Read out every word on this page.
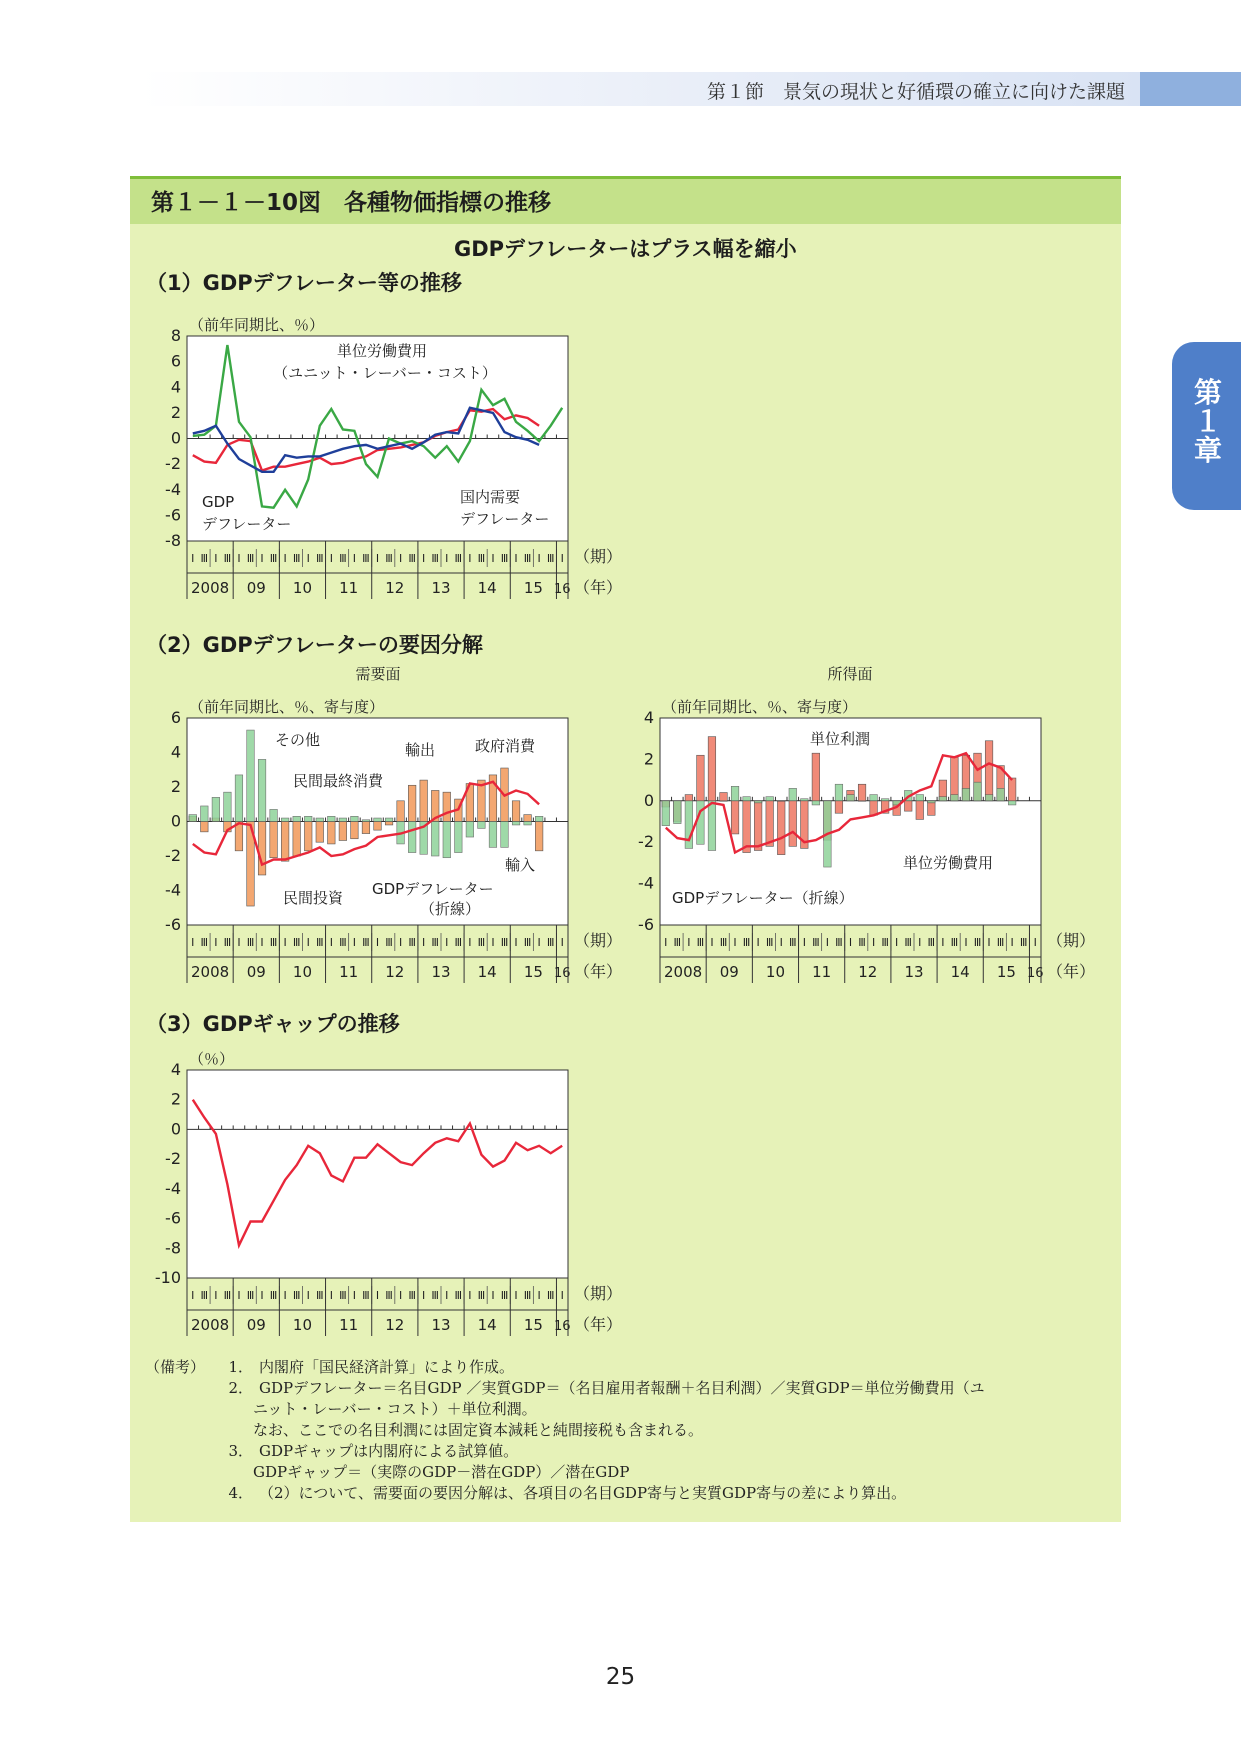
第１節　景気の現状と好循環の確立に向けた課題
第１章
第１－１－10図　各種物価指標の推移
GDPデフレーターはプラス幅を縮小
（1）GDPデフレーター等の推移
（2）GDPデフレーターの要因分解
（3）GDPギャップの推移
8
6
4
2
0
-2
-4
-6
-8
（前年同期比、％）
Ⅰ Ⅲ Ⅰ Ⅲ Ⅰ Ⅲ Ⅰ Ⅲ Ⅰ Ⅲ Ⅰ Ⅲ Ⅰ Ⅲ Ⅰ Ⅲ Ⅰ Ⅲ Ⅰ Ⅲ Ⅰ Ⅲ Ⅰ Ⅲ Ⅰ Ⅲ Ⅰ Ⅲ Ⅰ Ⅲ Ⅰ Ⅲ Ⅰ
2008 09 10 11 12 13 14 15 16
（期）
（年）
単位労働費用
（ユニット・レーバー・コスト）
GDP
デフレーター
国内需要
デフレーター
需要面
6
4
2
0
-2
-4
-6
（前年同期比、％、寄与度）
Ⅰ Ⅲ Ⅰ Ⅲ Ⅰ Ⅲ Ⅰ Ⅲ Ⅰ Ⅲ Ⅰ Ⅲ Ⅰ Ⅲ Ⅰ Ⅲ Ⅰ Ⅲ Ⅰ Ⅲ Ⅰ Ⅲ Ⅰ Ⅲ Ⅰ Ⅲ Ⅰ Ⅲ Ⅰ Ⅲ Ⅰ Ⅲ Ⅰ
2008 09 10 11 12 13 14 15 16
（期）
（年）
その他
輸出	政府消費
民間最終消費
輸入
民間投資 GDPデフレーター
（折線）
所得面
4
2
0
-2
-4
-6
（前年同期比、％、寄与度）
Ⅰ Ⅲ Ⅰ Ⅲ Ⅰ Ⅲ Ⅰ Ⅲ Ⅰ Ⅲ Ⅰ Ⅲ Ⅰ Ⅲ Ⅰ Ⅲ Ⅰ Ⅲ Ⅰ Ⅲ Ⅰ Ⅲ Ⅰ Ⅲ Ⅰ Ⅲ Ⅰ Ⅲ Ⅰ Ⅲ Ⅰ Ⅲ Ⅰ
2008 09 10 11 12 13 14 15 16
（期）
（年）
単位利潤
単位労働費用
GDPデフレーター（折線）
4
2
0
-2
-4
-6
-8
-10
（％）
Ⅰ Ⅲ Ⅰ Ⅲ Ⅰ Ⅲ Ⅰ Ⅲ Ⅰ Ⅲ Ⅰ Ⅲ Ⅰ Ⅲ Ⅰ Ⅲ Ⅰ Ⅲ Ⅰ Ⅲ Ⅰ Ⅲ Ⅰ Ⅲ Ⅰ Ⅲ Ⅰ Ⅲ Ⅰ Ⅲ Ⅰ Ⅲ Ⅰ
2008 09 10 11 12 13 14 15 16
（期）
（年）
（備考）	1． 内閣府「国民経済計算」により作成。
2． GDPデフレーター＝名目GDP ／実質GDP＝（名目雇用者報酬＋名目利潤）／実質GDP＝単位労働費用（ユ
ニット・レーバー・コスト）＋単位利潤。
なお、ここでの名目利潤には固定資本減耗と純間接税も含まれる。
3． GDPギャップは内閣府による試算値。
GDPギャップ＝（実際のGDP－潜在GDP）／潜在GDP
4． （2）について、需要面の要因分解は、各項目の名目GDP寄与と実質GDP寄与の差により算出。
25
